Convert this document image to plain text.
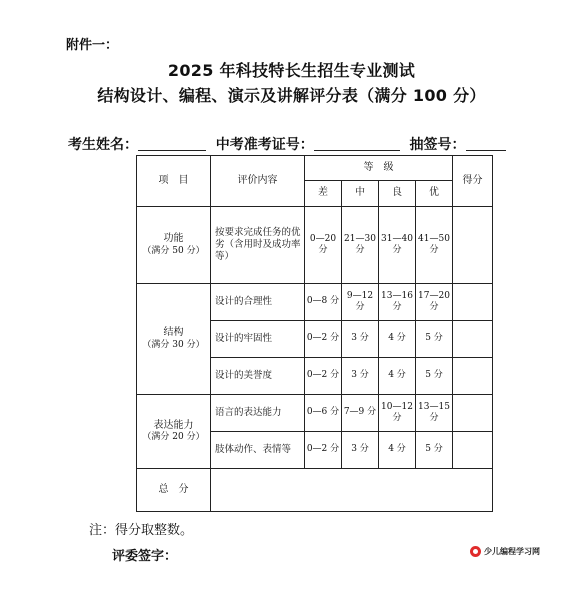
附件一：
2025 年科技特长生招生专业测试
结构设计、编程、演示及讲解评分表（满分 100 分）
考生姓名：	中考准考证号：	抽签号：
项　目	评价内容	等　级				得分
		差	中	良	优	
功能
（满分 50 分）	按要求完成任务的优劣（含用时及成功率等）	0—20 分	21—30 分	31—40 分	41—50 分	
结构
（满分 30 分）	设计的合理性	0—8 分	9—12 分	13—16 分	17—20 分	
	设计的牢固性	0—2 分	3 分	4 分	5 分	
	设计的美誉度	0—2 分	3 分	4 分	5 分	
表达能力
（满分 20 分）	语言的表达能力	0—6 分	7—9 分	10—12 分	13—15 分	
	肢体动作、表情等	0—2 分	3 分	4 分	5 分	
总　分						
注：得分取整数。
评委签字：	少儿编程学习网
